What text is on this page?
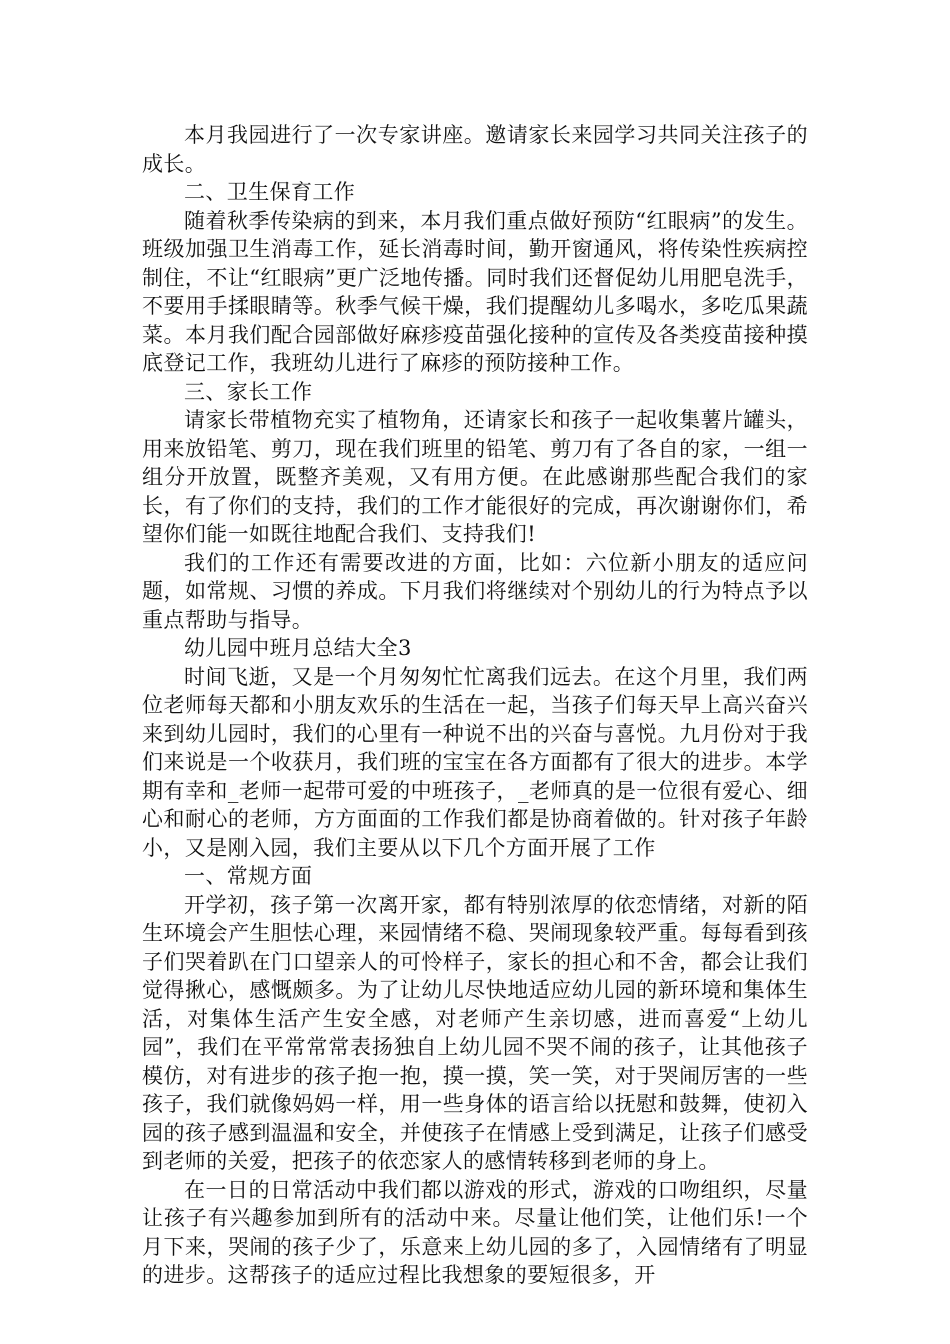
本月我园进行了一次专家讲座。邀请家长来园学习共同关注孩子的成长。

二、卫生保育工作

随着秋季传染病的到来，本月我们重点做好预防“红眼病”的发生。班级加强卫生消毒工作，延长消毒时间，勤开窗通风，将传染性疾病控制住，不让“红眼病”更广泛地传播。同时我们还督促幼儿用肥皂洗手，不要用手揉眼睛等。秋季气候干燥，我们提醒幼儿多喝水，多吃瓜果蔬菜。本月我们配合园部做好麻疹疫苗强化接种的宣传及各类疫苗接种摸底登记工作，我班幼儿进行了麻疹的预防接种工作。

三、家长工作

请家长带植物充实了植物角，还请家长和孩子一起收集薯片罐头，用来放铅笔、剪刀，现在我们班里的铅笔、剪刀有了各自的家，一组一组分开放置，既整齐美观，又有用方便。在此感谢那些配合我们的家长，有了你们的支持，我们的工作才能很好的完成，再次谢谢你们，希望你们能一如既往地配合我们、支持我们!

我们的工作还有需要改进的方面，比如：六位新小朋友的适应问题，如常规、习惯的养成。下月我们将继续对个别幼儿的行为特点予以重点帮助与指导。

幼儿园中班月总结大全3

时间飞逝，又是一个月匆匆忙忙离我们远去。在这个月里，我们两位老师每天都和小朋友欢乐的生活在一起，当孩子们每天早上高兴奋兴来到幼儿园时，我们的心里有一种说不出的兴奋与喜悦。九月份对于我们来说是一个收获月，我们班的宝宝在各方面都有了很大的进步。本学期有幸和_老师一起带可爱的中班孩子，_老师真的是一位很有爱心、细心和耐心的老师，方方面面的工作我们都是协商着做的。针对孩子年龄小，又是刚入园，我们主要从以下几个方面开展了工作

一、常规方面

开学初，孩子第一次离开家，都有特别浓厚的依恋情绪，对新的陌生环境会产生胆怯心理，来园情绪不稳、哭闹现象较严重。每每看到孩子们哭着趴在门口望亲人的可怜样子，家长的担心和不舍，都会让我们觉得揪心，感慨颇多。为了让幼儿尽快地适应幼儿园的新环境和集体生活，对集体生活产生安全感，对老师产生亲切感，进而喜爱“上幼儿园”，我们在平常常常表扬独自上幼儿园不哭不闹的孩子，让其他孩子模仿，对有进步的孩子抱一抱，摸一摸，笑一笑，对于哭闹厉害的一些孩子，我们就像妈妈一样，用一些身体的语言给以抚慰和鼓舞，使初入园的孩子感到温温和安全，并使孩子在情感上受到满足，让孩子们感受到老师的关爱，把孩子的依恋家人的感情转移到老师的身上。

在一日的日常活动中我们都以游戏的形式，游戏的口吻组织，尽量让孩子有兴趣参加到所有的活动中来。尽量让他们笑，让他们乐!一个月下来，哭闹的孩子少了，乐意来上幼儿园的多了，入园情绪有了明显的进步。这帮孩子的适应过程比我想象的要短很多，开
